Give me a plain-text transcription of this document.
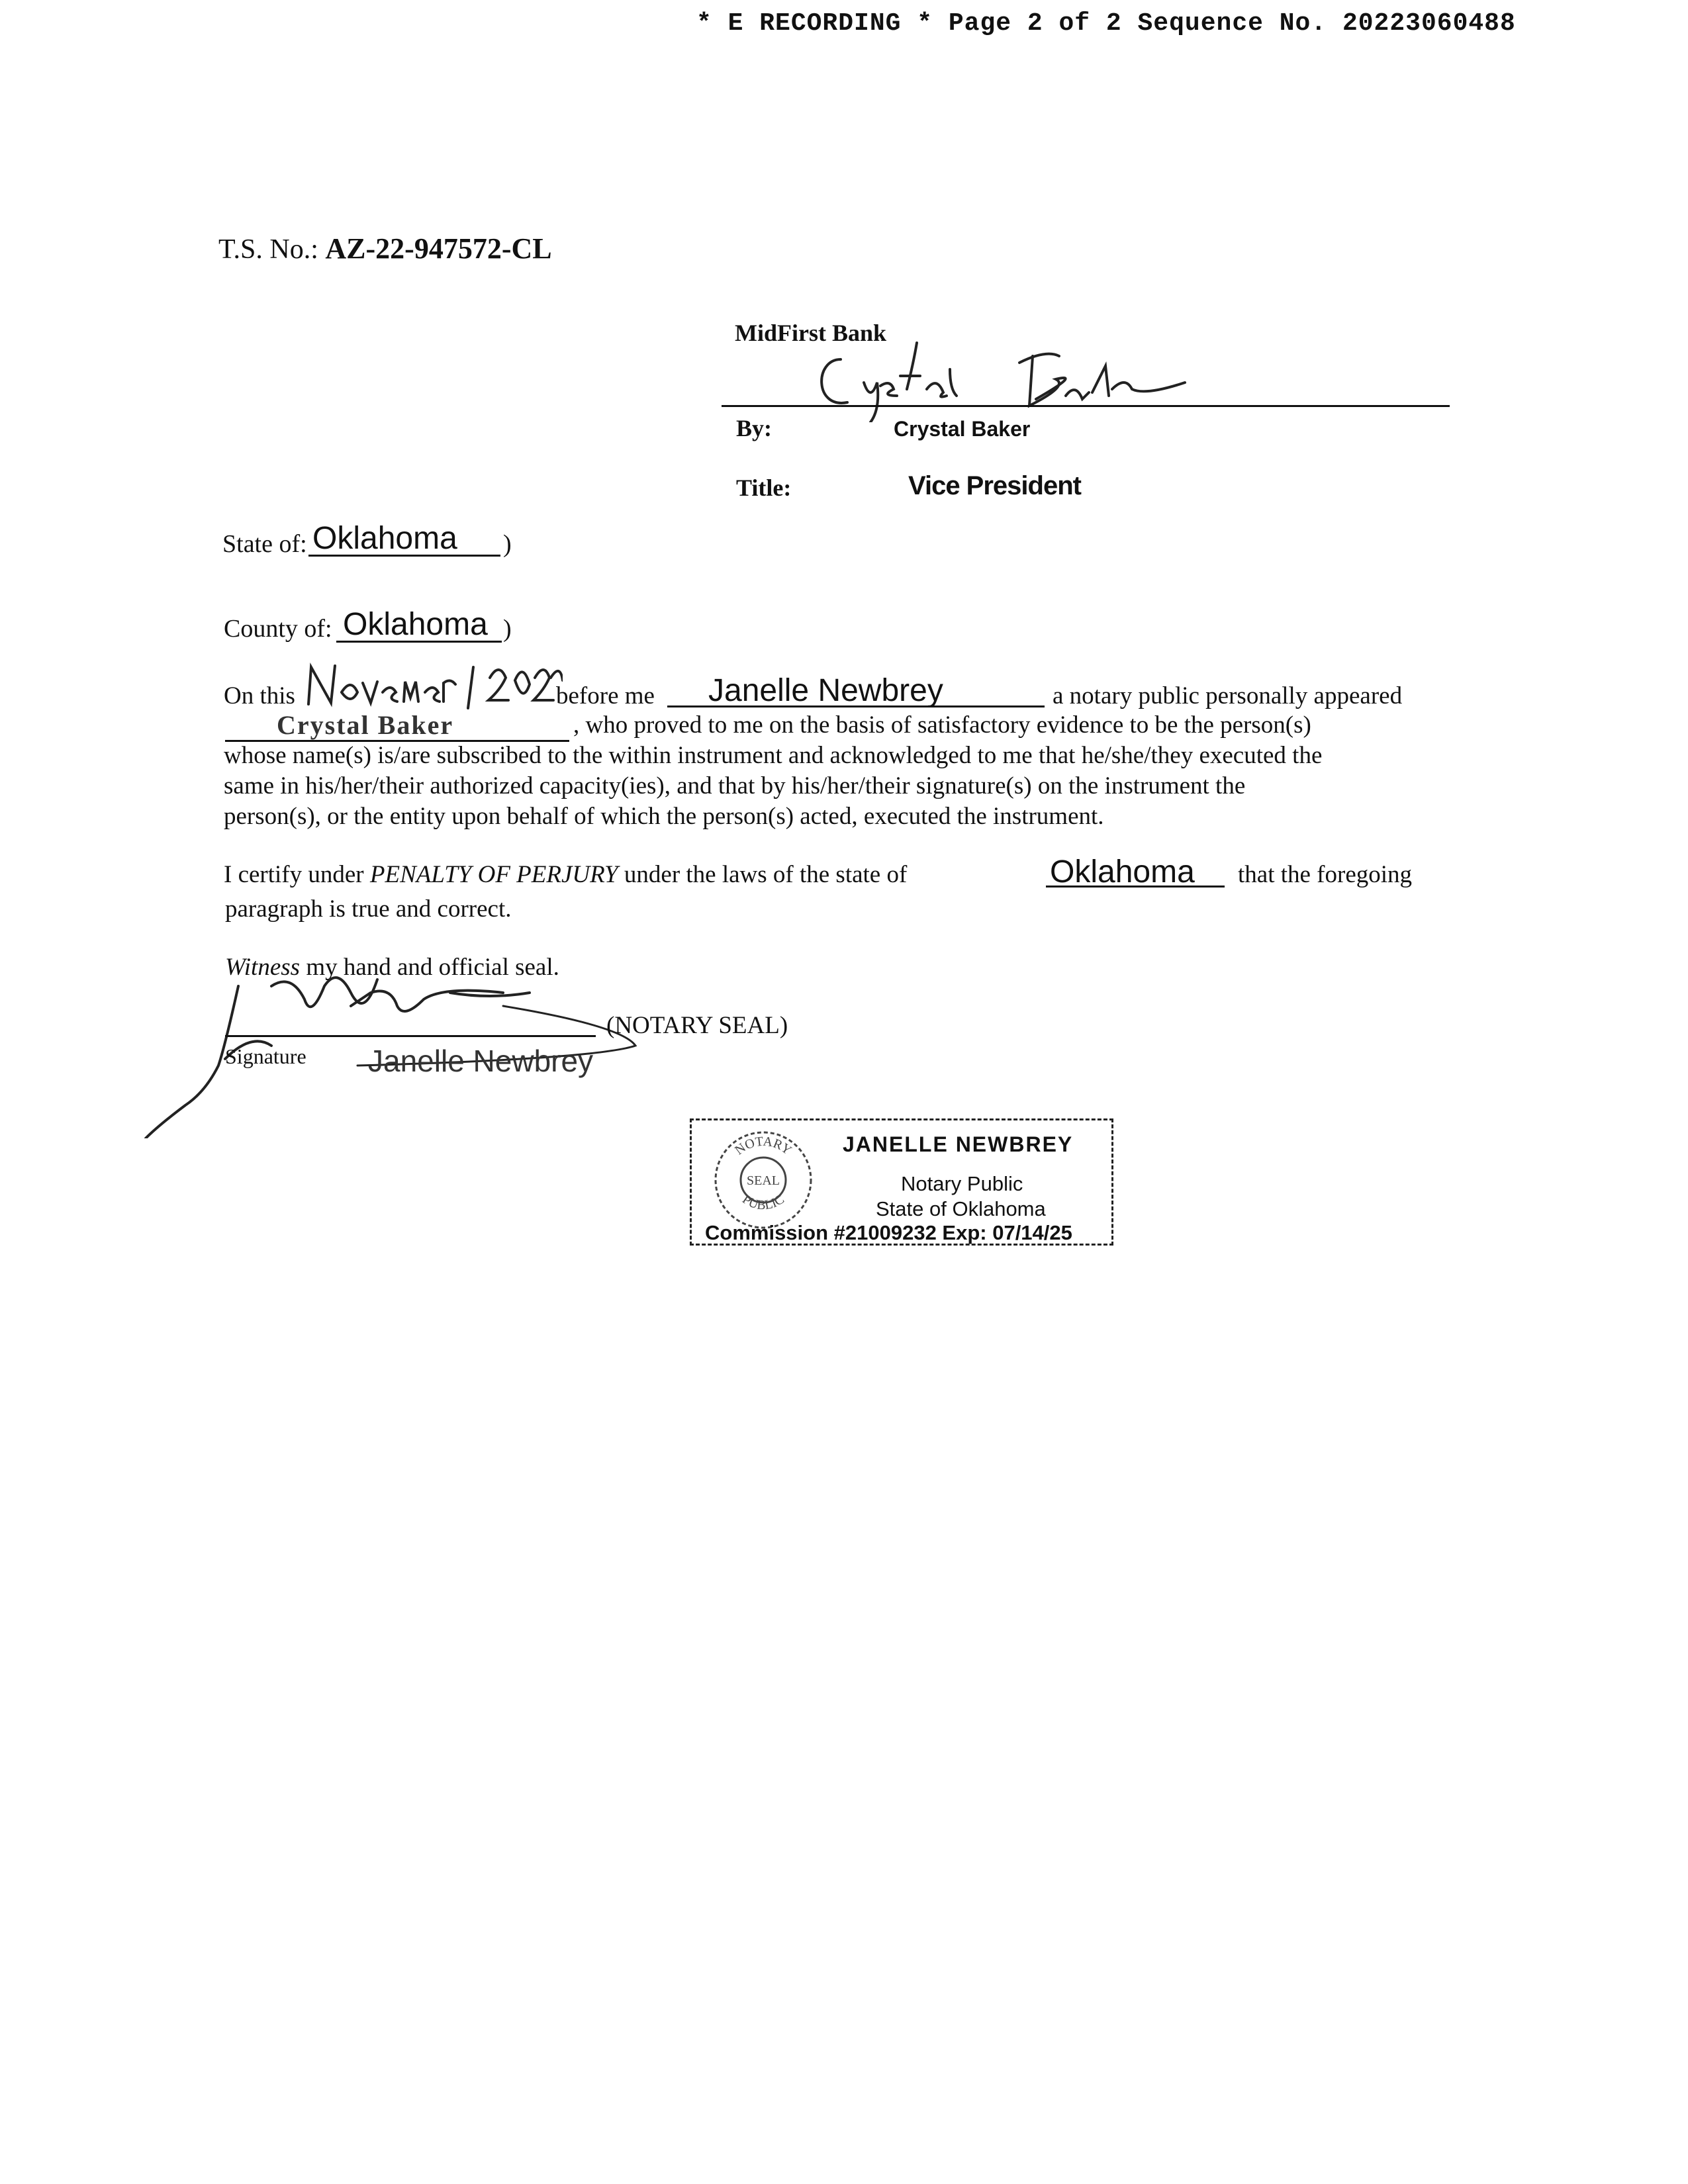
* E RECORDING * Page 2 of 2 Sequence No. 20223060488
T.S. No.: AZ-22-947572-CL
MidFirst Bank
By:	Crystal Baker
Title:	Vice President
State of: Oklahoma )
County of: Oklahoma )
On this	before me Janelle Newbrey	a notary public personally appeared
Crystal Baker	, who proved to me on the basis of satisfactory evidence to be the person(s)
whose name(s) is/are subscribed to the within instrument and acknowledged to me that he/she/they executed the
same in his/her/their authorized capacity(ies), and that by his/her/their signature(s) on the instrument the
person(s), or the entity upon behalf of which the person(s) acted, executed the instrument.
I certify under PENALTY OF PERJURY under the laws of the state of	Oklahoma that the foregoing
paragraph is true and correct.
Witness my hand and official seal.
(NOTARY SEAL)
Signature Janelle Newbrey
NOTARY
PUBLIC
SEAL
JANELLE NEWBREY
Notary Public
State of Oklahoma
Commission #21009232 Exp: 07/14/25
